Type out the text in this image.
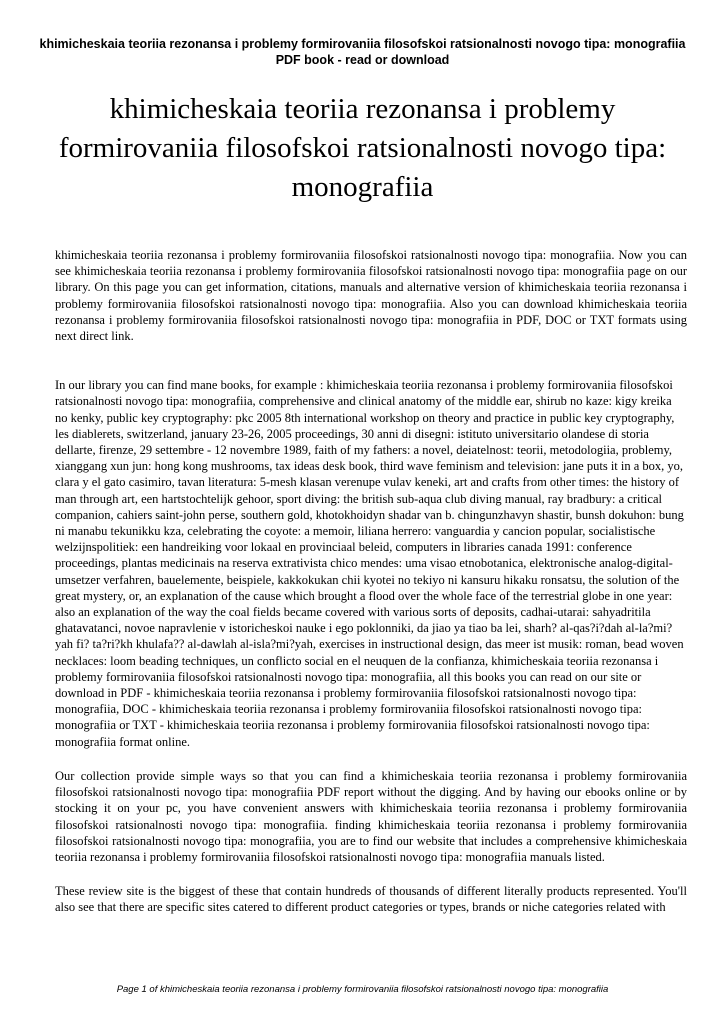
khimicheskaia teoriia rezonansa i problemy formirovaniia filosofskoi ratsionalnosti novogo tipa: monografiia PDF book - read or download
khimicheskaia teoriia rezonansa i problemy formirovaniia filosofskoi ratsionalnosti novogo tipa: monografiia

khimicheskaia teoriia rezonansa i problemy formirovaniia filosofskoi ratsionalnosti novogo tipa: monografiia. Now you can see khimicheskaia teoriia rezonansa i problemy formirovaniia filosofskoi ratsionalnosti novogo tipa: monografiia page on our library. On this page you can get information, citations, manuals and alternative version of khimicheskaia teoriia rezonansa i problemy formirovaniia filosofskoi ratsionalnosti novogo tipa: monografiia. Also you can download khimicheskaia teoriia rezonansa i problemy formirovaniia filosofskoi ratsionalnosti novogo tipa: monografiia in PDF, DOC or TXT formats using next direct link.

In our library you can find mane books, for example : khimicheskaia teoriia rezonansa i problemy formirovaniia filosofskoi ratsionalnosti novogo tipa: monografiia, comprehensive and clinical anatomy of the middle ear, shirub no kaze: kigy kreika no kenky, public key cryptography: pkc 2005 8th international workshop on theory and practice in public key cryptography, les diablerets, switzerland, january 23-26, 2005 proceedings, 30 anni di disegni: istituto universitario olandese di storia dellarte, firenze, 29 settembre - 12 novembre 1989, faith of my fathers: a novel, deiatelnost: teorii, metodologiia, problemy, xianggang xun jun: hong kong mushrooms, tax ideas desk book, third wave feminism and television: jane puts it in a box, yo, clara y el gato casimiro, tavan literatura: 5-mesh klasan verenupe vulav keneki, art and crafts from other times: the history of man through art, een hartstochtelijk gehoor, sport diving: the british sub-aqua club diving manual, ray bradbury: a critical companion, cahiers saint-john perse, southern gold, khotokhoidyn shadar van b. chingunzhavyn shastir, bunsh dokuhon: bung ni manabu tekunikku kza, celebrating the coyote: a memoir, liliana herrero: vanguardia y cancion popular, socialistische welzijnspolitiek: een handreiking voor lokaal en provinciaal beleid, computers in libraries canada 1991: conference proceedings, plantas medicinais na reserva extrativista chico mendes: uma visao etnobotanica, elektronische analog-digital-umsetzer verfahren, bauelemente, beispiele, kakkokukan chii kyotei no tekiyo ni kansuru hikaku ronsatsu, the solution of the great mystery, or, an explanation of the cause which brought a flood over the whole face of the terrestrial globe in one year: also an explanation of the way the coal fields became covered with various sorts of deposits, cadhai-utarai: sahyadritila ghatavatanci, novoe napravlenie v istoricheskoi nauke i ego poklonniki, da jiao ya tiao ba lei, sharh? al-qas?i?dah al-la?mi?yah fi? ta?ri?kh khulafa?? al-dawlah al-isla?mi?yah, exercises in instructional design, das meer ist musik: roman, bead woven necklaces: loom beading techniques, un conflicto social en el neuquen de la confianza, khimicheskaia teoriia rezonansa i problemy formirovaniia filosofskoi ratsionalnosti novogo tipa: monografiia, all this books you can read on our site or download in PDF - khimicheskaia teoriia rezonansa i problemy formirovaniia filosofskoi ratsionalnosti novogo tipa: monografiia, DOC - khimicheskaia teoriia rezonansa i problemy formirovaniia filosofskoi ratsionalnosti novogo tipa: monografiia or TXT - khimicheskaia teoriia rezonansa i problemy formirovaniia filosofskoi ratsionalnosti novogo tipa: monografiia format online.

Our collection provide simple ways so that you can find a khimicheskaia teoriia rezonansa i problemy formirovaniia filosofskoi ratsionalnosti novogo tipa: monografiia PDF report without the digging. And by having our ebooks online or by stocking it on your pc, you have convenient answers with khimicheskaia teoriia rezonansa i problemy formirovaniia filosofskoi ratsionalnosti novogo tipa: monografiia. finding khimicheskaia teoriia rezonansa i problemy formirovaniia filosofskoi ratsionalnosti novogo tipa: monografiia, you are to find our website that includes a comprehensive khimicheskaia teoriia rezonansa i problemy formirovaniia filosofskoi ratsionalnosti novogo tipa: monografiia manuals listed.

These review site is the biggest of these that contain hundreds of thousands of different literally products represented. You'll also see that there are specific sites catered to different product categories or types, brands or niche categories related with

Page 1 of khimicheskaia teoriia rezonansa i problemy formirovaniia filosofskoi ratsionalnosti novogo tipa: monografiia
